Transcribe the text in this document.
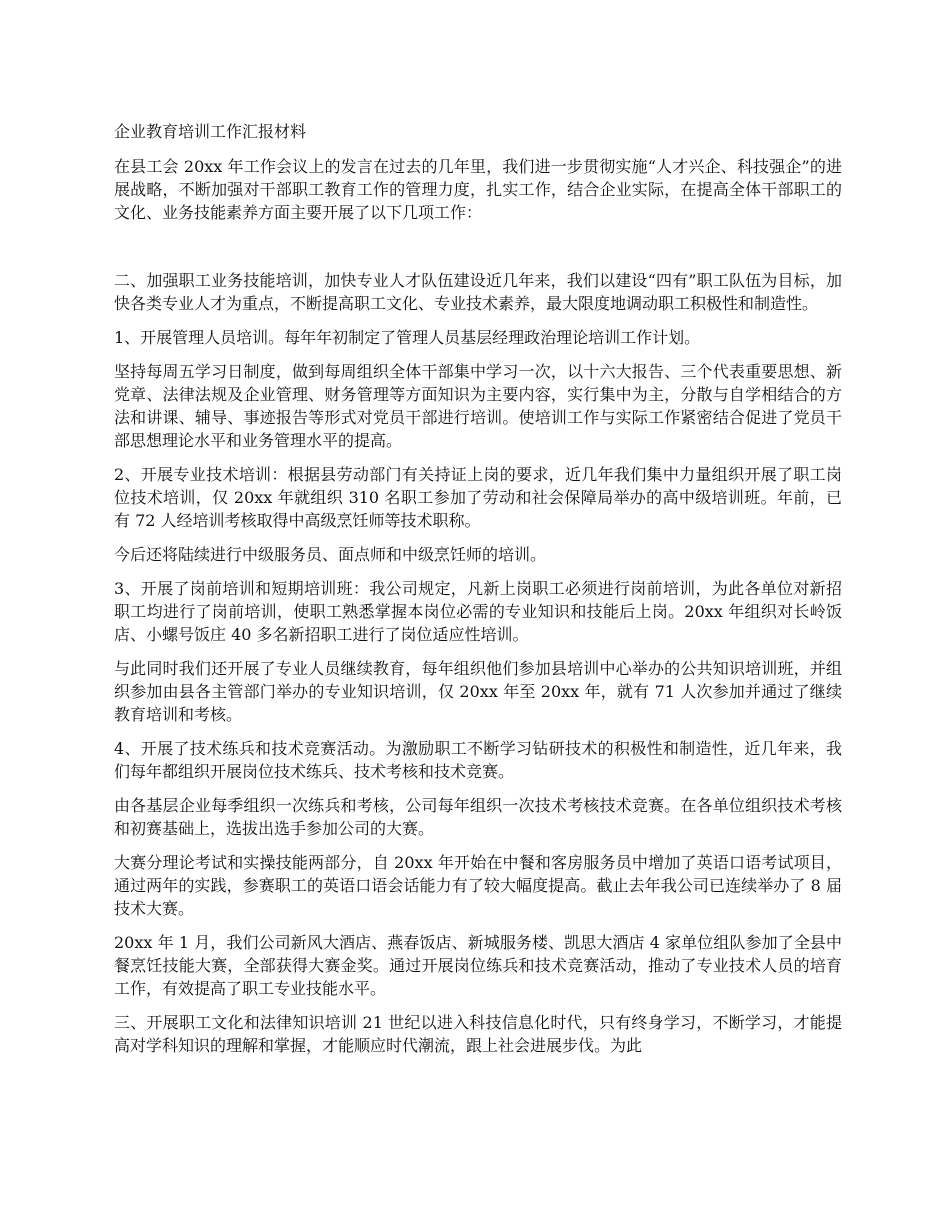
企业教育培训工作汇报材料

在县工会 20xx 年工作会议上的发言在过去的几年里，我们进一步贯彻实施“人才兴企、科技强企”的进展战略，不断加强对干部职工教育工作的管理力度，扎实工作，结合企业实际，在提高全体干部职工的文化、业务技能素养方面主要开展了以下几项工作：

二、加强职工业务技能培训，加快专业人才队伍建设近几年来，我们以建设“四有”职工队伍为目标，加快各类专业人才为重点，不断提高职工文化、专业技术素养，最大限度地调动职工积极性和制造性。

1、开展管理人员培训。每年年初制定了管理人员基层经理政治理论培训工作计划。

坚持每周五学习日制度，做到每周组织全体干部集中学习一次，以十六大报告、三个代表重要思想、新党章、法律法规及企业管理、财务管理等方面知识为主要内容，实行集中为主，分散与自学相结合的方法和讲课、辅导、事迹报告等形式对党员干部进行培训。使培训工作与实际工作紧密结合促进了党员干部思想理论水平和业务管理水平的提高。

2、开展专业技术培训：根据县劳动部门有关持证上岗的要求，近几年我们集中力量组织开展了职工岗位技术培训，仅 20xx 年就组织 310 名职工参加了劳动和社会保障局举办的高中级培训班。年前，已有 72 人经培训考核取得中高级烹饪师等技术职称。

今后还将陆续进行中级服务员、面点师和中级烹饪师的培训。

3、开展了岗前培训和短期培训班：我公司规定，凡新上岗职工必须进行岗前培训，为此各单位对新招职工均进行了岗前培训，使职工熟悉掌握本岗位必需的专业知识和技能后上岗。20xx 年组织对长岭饭店、小螺号饭庄 40 多名新招职工进行了岗位适应性培训。

与此同时我们还开展了专业人员继续教育，每年组织他们参加县培训中心举办的公共知识培训班，并组织参加由县各主管部门举办的专业知识培训，仅 20xx 年至 20xx 年，就有 71 人次参加并通过了继续教育培训和考核。

4、开展了技术练兵和技术竞赛活动。为激励职工不断学习钻研技术的积极性和制造性，近几年来，我们每年都组织开展岗位技术练兵、技术考核和技术竞赛。

由各基层企业每季组织一次练兵和考核，公司每年组织一次技术考核技术竞赛。在各单位组织技术考核和初赛基础上，选拔出选手参加公司的大赛。

大赛分理论考试和实操技能两部分，自 20xx 年开始在中餐和客房服务员中增加了英语口语考试项目，通过两年的实践，参赛职工的英语口语会话能力有了较大幅度提高。截止去年我公司已连续举办了 8 届技术大赛。

20xx 年 1 月，我们公司新风大酒店、燕春饭店、新城服务楼、凯思大酒店 4 家单位组队参加了全县中餐烹饪技能大赛，全部获得大赛金奖。通过开展岗位练兵和技术竞赛活动，推动了专业技术人员的培育工作，有效提高了职工专业技能水平。

三、开展职工文化和法律知识培训 21 世纪以进入科技信息化时代，只有终身学习，不断学习，才能提高对学科知识的理解和掌握，才能顺应时代潮流，跟上社会进展步伐。为此
